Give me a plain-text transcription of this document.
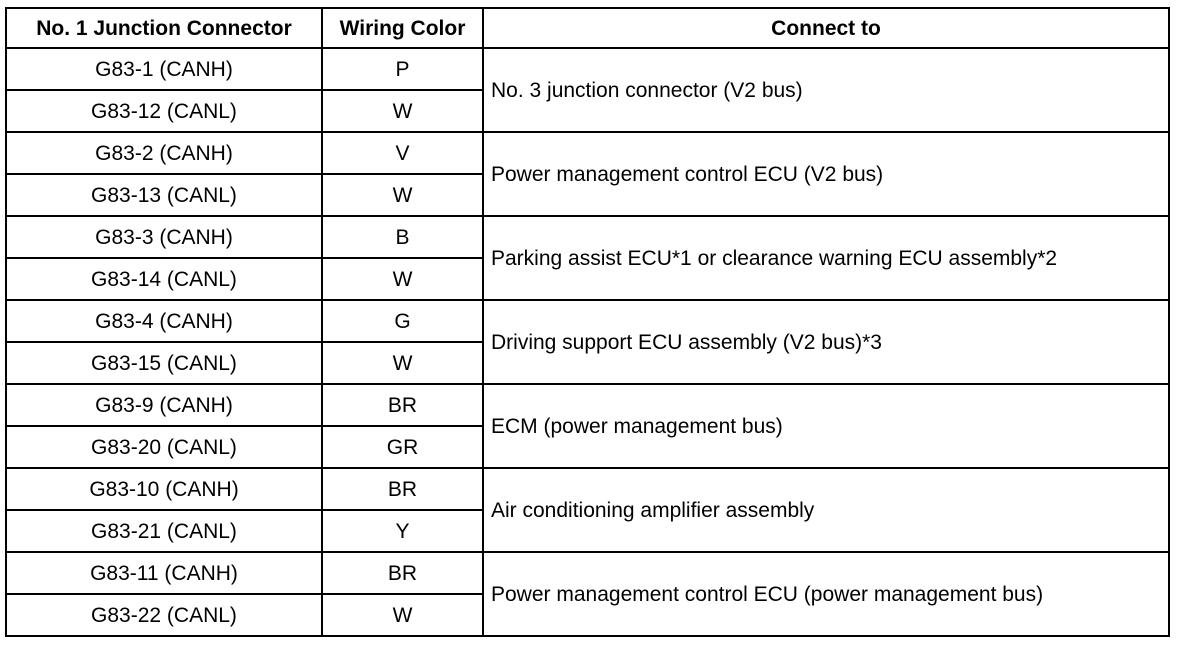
No. 1 Junction Connector	Wiring Color	Connect to
G83-1 (CANH)	P	No. 3 junction connector (V2 bus)
G83-12 (CANL)	W	
G83-2 (CANH)	V	Power management control ECU (V2 bus)
G83-13 (CANL)	W	
G83-3 (CANH)	B	Parking assist ECU*1 or clearance warning ECU assembly*2
G83-14 (CANL)	W	
G83-4 (CANH)	G	Driving support ECU assembly (V2 bus)*3
G83-15 (CANL)	W	
G83-9 (CANH)	BR	ECM (power management bus)
G83-20 (CANL)	GR	
G83-10 (CANH)	BR	Air conditioning amplifier assembly
G83-21 (CANL)	Y	
G83-11 (CANH)	BR	Power management control ECU (power management bus)
G83-22 (CANL)	W	
